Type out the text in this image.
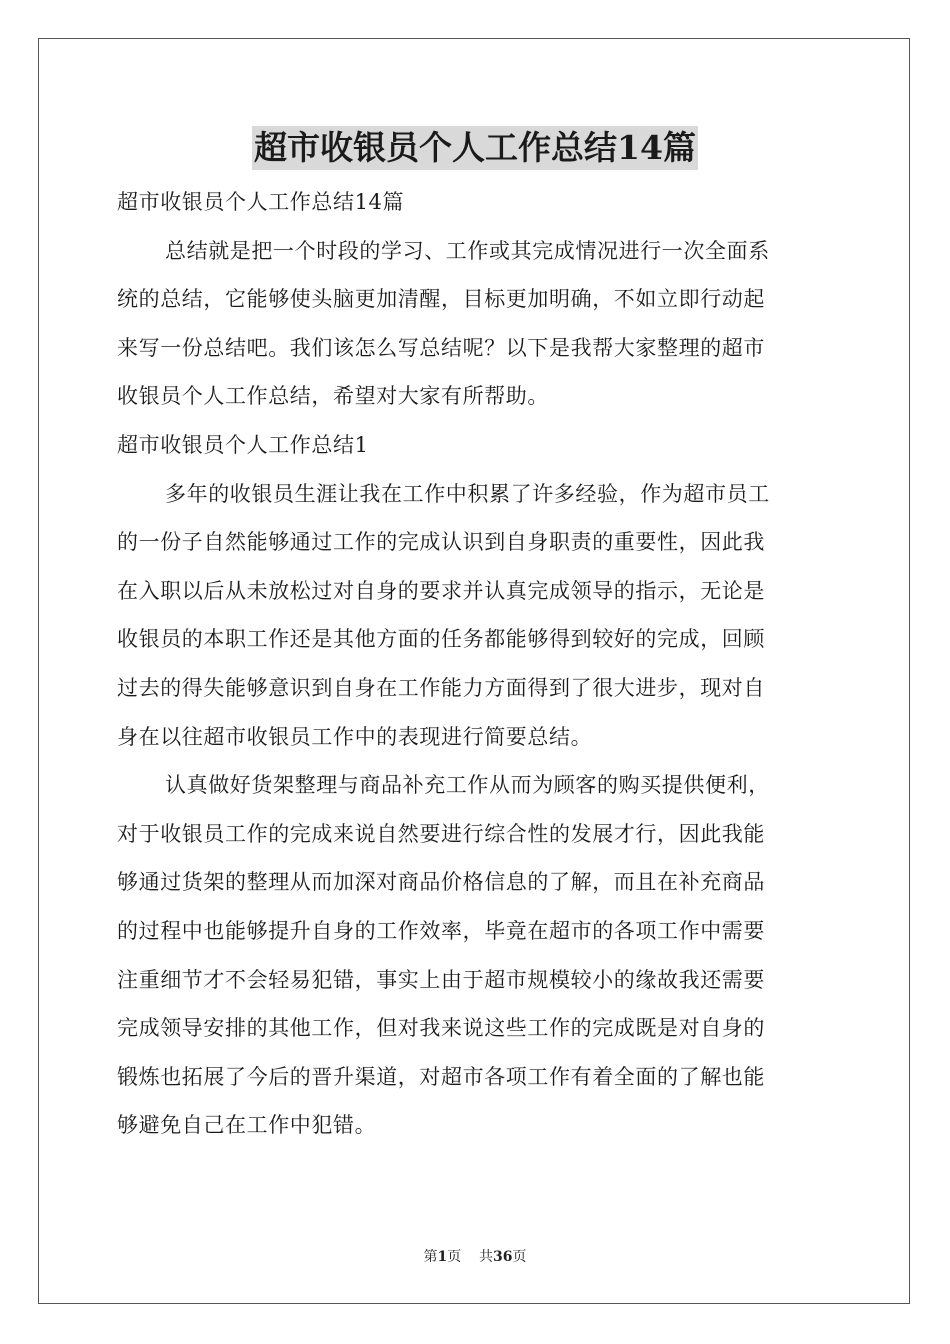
超市收银员个人工作总结14篇
超市收银员个人工作总结14篇
总结就是把一个时段的学习、工作或其完成情况进行一次全面系
统的总结，它能够使头脑更加清醒，目标更加明确，不如立即行动起
来写一份总结吧。我们该怎么写总结呢？以下是我帮大家整理的超市
收银员个人工作总结，希望对大家有所帮助。
超市收银员个人工作总结1
多年的收银员生涯让我在工作中积累了许多经验，作为超市员工
的一份子自然能够通过工作的完成认识到自身职责的重要性，因此我
在入职以后从未放松过对自身的要求并认真完成领导的指示，无论是
收银员的本职工作还是其他方面的任务都能够得到较好的完成，回顾
过去的得失能够意识到自身在工作能力方面得到了很大进步，现对自
身在以往超市收银员工作中的表现进行简要总结。
认真做好货架整理与商品补充工作从而为顾客的购买提供便利，
对于收银员工作的完成来说自然要进行综合性的发展才行，因此我能
够通过货架的整理从而加深对商品价格信息的了解，而且在补充商品
的过程中也能够提升自身的工作效率，毕竟在超市的各项工作中需要
注重细节才不会轻易犯错，事实上由于超市规模较小的缘故我还需要
完成领导安排的其他工作，但对我来说这些工作的完成既是对自身的
锻炼也拓展了今后的晋升渠道，对超市各项工作有着全面的了解也能
够避免自己在工作中犯错。
第1页 共36页
